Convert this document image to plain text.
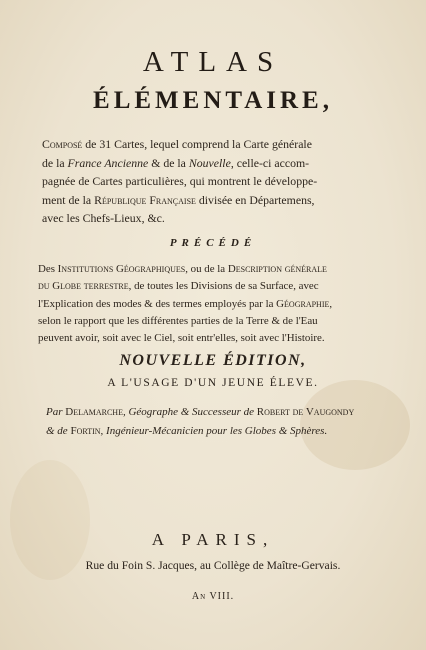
ATLAS
ÉLÉMENTAIRE,
Composé de 31 Cartes, lequel comprend la Carte générale
de la France Ancienne & de la Nouvelle, celle-ci accom-
pagnée de Cartes particulières, qui montrent le développe-
ment de la République Française divisée en Départemens,
avec les Chefs-Lieux, &c.
PRÉCÉDÉ
Des Institutions Géographiques, ou de la Description générale
du Globe terrestre, de toutes les Divisions de sa Surface, avec
l'Explication des modes & des termes employés par la Géographie,
selon le rapport que les différentes parties de la Terre & de l'Eau
peuvent avoir, soit avec le Ciel, soit entr'elles, soit avec l'Histoire.
NOUVELLE ÉDITION,
A L'USAGE D'UN JEUNE ÉLEVE.
Par Delamarche, Géographe & Successeur de Robert de Vaugondy
& de Fortin, Ingénieur-Mécanicien pour les Globes & Sphères.
A PARIS,
Rue du Foin S. Jacques, au Collège de Maître-Gervais.
An VIII.
